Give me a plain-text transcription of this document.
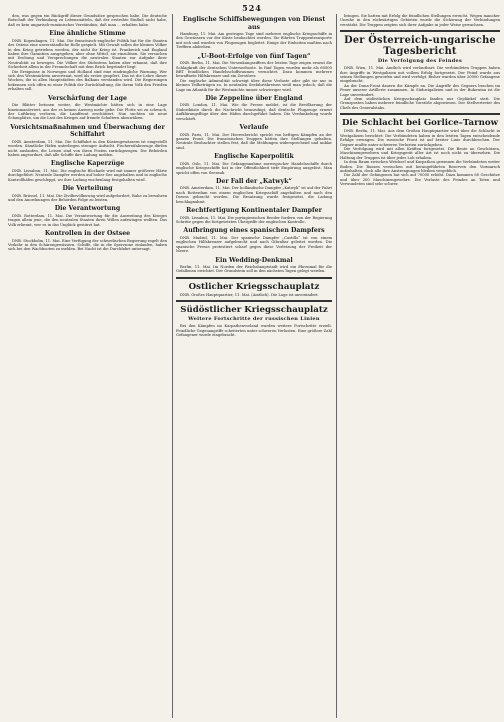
524

den, was gegen ein Rückgriff dieser Grundsätze gesprochen habe. Die deutsche Botschaft der Verbindung zu Lebensmitteln, daß der erstrebte Einfluß nicht habe, daß es kein ungarisch-rumänisches Verständnis, daß man ... erhalten habe.

Eine ähnliche Stimme

DNB. Kopenhagen, 11. Mai. Die französisch-englische Politik hat für die Staaten des Ostens eine unverständliche Rolle gespielt. Mit Gewalt sollen die kleinen Völker in den Krieg getrieben werden, der nicht ihr Krieg ist. Frankreich und England haben ihre Garantien ausgegeben, aber ohne Mittel, sie einzulösen. Sie versuchen mit Drohung und Versprechungen die neutralen Staaten zur Aufgabe ihrer Neutralität zu bewegen. Die Völker des Südostens haben aber erkannt, daß ihre Sicherheit allein in der Freundschaft mit dem Reich begründet liegt.

Die Ereignisse in Norwegen und Holland sind eine eindringliche Warnung. Wer sich den Westmächten anvertraut, wird als erster geopfert. Das ist die Lehre dieser Wochen, die in allen Hauptstädten des Balkans verstanden wird. Die Regierungen bekennen sich offen zu einer Politik der Zurückhaltung, die ihrem Volk den Frieden erhalten soll.

Verschärfung der Lage

Die Blätter betonen weiter, die Westmächte hätten sich in eine Lage hineinmanövriert, aus der es keinen Ausweg mehr gebe. Die Flotte sei zu schwach, der Luftkrieg verloren, die Landfront erschüttert. Nun suchten sie neue Schauplätze, um die Last des Krieges auf fremde Schultern abzuwälzen.

Vorsichtsmaßnahmen und Überwachung der Schiffahrt

DNB. Amsterdam, 11. Mai. Die Schiffahrt in den Küstengewässern ist eingestellt worden. Sämtliche Häfen unterliegen strenger Aufsicht. Fischereifahrzeuge dürfen nicht auslaufen, die Lotsen sind von ihren Posten zurückgezogen. Die Behörden haben angeordnet, daß alle Schiffe ihre Ladung melden.

Englische Kaperzüge

DNB. Lissabon, 11. Mai. Die englische Blockade wird mit immer größerer Härte durchgeführt. Neutrale Dampfer werden auf hoher See angehalten und in englische Kontrollhäfen geschleppt, wo ihre Ladung wochenlang festgehalten wird.

Die Verteilung

DNB. Brüssel, 11. Mai. Die Zivilbevölkerung wird aufgefordert, Ruhe zu bewahren und den Anordnungen der Behörden Folge zu leisten.

Die Verantwortung

DNB. Rotterdam, 11. Mai. Die Verantwortung für die Ausweitung des Krieges tragen allein jene, die den neutralen Staaten ihren Willen aufzwingen wollten. Das Volk erkennt, wer es in das Unglück gestürzt hat.

Kontrollen in der Ostsee

DNB. Stockholm, 11. Mai. Eine Verfügung der schwedischen Regierung regelt den Verkehr in den Schärengewässern. Schiffe, die in die Sperrzone einlaufen, haben sich bei den Wachbooten zu melden. Bei Nacht ist die Durchfahrt untersagt.

Englische Schiffsbewegungen von Dienst aus

Hamburg, 11. Mai. Am gestrigen Tage sind mehrere englische Kriegsschiffe in den Gewässern vor der Küste beobachtet worden. Sie führten Truppentransporte mit sich und wurden von Flugzeugen begleitet. Einige der Einheiten mußten nach Treffern abdrehen.

„U-Boot-Erfolge von fünf Tagen“

DNB. Berlin, 11. Mai. Die Versenkungsziffern der letzten Tage zeigen erneut die Schlagkraft der deutschen Unterseeboote. In fünf Tagen wurden mehr als 60000 BRT feindlichen Handelsschiffsraumes vernichtet. Dazu kommen mehrere bewaffnete Hilfskreuzer und ein Zerstörer.

Die englische Admiralität schweigt über diese Verluste oder gibt sie nur in kleinen Teilbeträgen zu. In neutralen Seefahrtskreisen weiß man jedoch, daß die Lage im Atlantik für die Westmächte immer schwieriger wird.

Die Zeppeline über England

DNB. London, 11. Mai. Wie die Presse meldet, ist die Bevölkerung der Südostküste durch die Nachricht beunruhigt, daß deutsche Flugzeuge erneut Aufklärungsflüge über den Häfen durchgeführt haben. Die Verdunkelung wurde verschärft.

Verlaufe

DNB. Paris, 11. Mai. Der Heeresbericht spricht von heftigen Kämpfen an der ganzen Front. Die französischen Truppen hätten ihre Stellungen gehalten. Neutrale Beobachter stellen fest, daß die Meldungen widersprechend und unklar sind.

Englische Kaperpolitik

DNB. Oslo, 11. Mai. Die Gefangennahme norwegischer Handelsschiffe durch englische Kriegsschiffe hat in der Öffentlichkeit tiefe Empörung ausgelöst. Man spricht offen von Seeraub.

Der Fall der „Katwyk“

DNB. Amsterdam, 11. Mai. Der holländische Dampfer „Katwyk“ ist auf der Fahrt nach Rotterdam von einem englischen Kriegsschiff angehalten und nach den Downs gebracht worden. Die Besatzung wurde festgesetzt, die Ladung beschlagnahmt.

Rechtfertigung Kontinentaler Dampfer

DNB. Lissabon, 11. Mai. Die portugiesischen Reeder fordern von der Regierung Schritte gegen die fortgesetzten Übergriffe der englischen Kontrolle.

Aufbringung eines spanischen Dampfers

DNB. Madrid, 11. Mai. Der spanische Dampfer „Castillo“ ist von einem englischen Hilfskreuzer aufgebracht und nach Gibraltar geleitet worden. Die spanische Presse protestiert scharf gegen diese Verletzung der Freiheit der Meere.

Ein Wedding-Denkmal

Berlin, 11. Mai. Im Norden der Reichshauptstadt wird ein Ehrenmal für die Gefallenen errichtet. Der Grundstein soll in den nächsten Tagen gelegt werden.

Ostlicher Kriegsschauplatz

DNB. Großes Hauptquartier, 11. Mai. (Amtlich). Die Lage ist unverändert.

Südöstlicher Kriegsschauplatz
Weitere Fortschritte der russischen Linien

Bei den Kämpfen im Karpathenvorland wurden weitere Fortschritte erzielt. Feindliche Gegenangriffe scheiterten unter schweren Verlusten. Eine größere Zahl Gefangener wurde eingebracht.

bringen. Sie hatten mit Erfolg die feindlichen Stellungen erreicht. Wegen mancher Unruhe in den rückwärtigen Gebieten wurde die Sicherung der Verbindungen verstärkt. Die Truppen zeigten sich ihrer Aufgabe in jeder Weise gewachsen.

Der Österreich-ungarische Tagesbericht
Die Verfolgung des Feindes

DNB. Wien, 11. Mai. Amtlich wird verlautbart: Die verbündeten Truppen haben ihre Angriffe in Westgalizien mit vollem Erfolg fortgesetzt. Der Feind wurde aus seinen Stellungen geworfen und wird verfolgt. Bisher wurden über 20000 Gefangene eingebracht.

An der Duna-Front dauern die Kämpfe an. Die Angriffe des Gegners brachen im Feuer unserer Artillerie zusammen. In Südostgalizien und in der Bukowina ist die Lage unverändert.

Auf dem südöstlichen Kriegsschauplatz fanden nur Geplänkel statt. Die Grenzposten haben mehrere feindliche Vorstöße abgewiesen. Der Stellvertreter des Chefs des Generalstabs.

Die Schlacht bei Gorlice–Tarnow

DNB. Berlin, 11. Mai. Aus dem Großen Hauptquartier wird über die Schlacht in Westgalizien berichtet: Die Verbündeten haben in den letzten Tagen entscheidende Erfolge errungen. Die russische Front ist auf breiter Linie durchbrochen. Der Gegner mußte unter schweren Verlusten zurückgehen.

Die Verfolgung wird mit allen Kräften fortgesetzt. Die Beute an Geschützen, Maschinengewehren und Kriegsgerät aller Art ist noch nicht zu übersehen. Die Haltung der Truppen ist über jedes Lob erhaben.

In dem Raum zwischen Weichsel und Karpathen gewinnen die Verbündeten weiter Boden. Die Russen versuchen mit herangeführten Reserven den Vormarsch aufzuhalten, doch alle ihre Anstrengungen bleiben vergeblich.

Die Zahl der Gefangenen hat sich auf 70000 erhöht. Dazu kommen 60 Geschütze und über 200 Maschinengewehre. Die Verluste des Feindes an Toten und Verwundeten sind sehr schwer.
